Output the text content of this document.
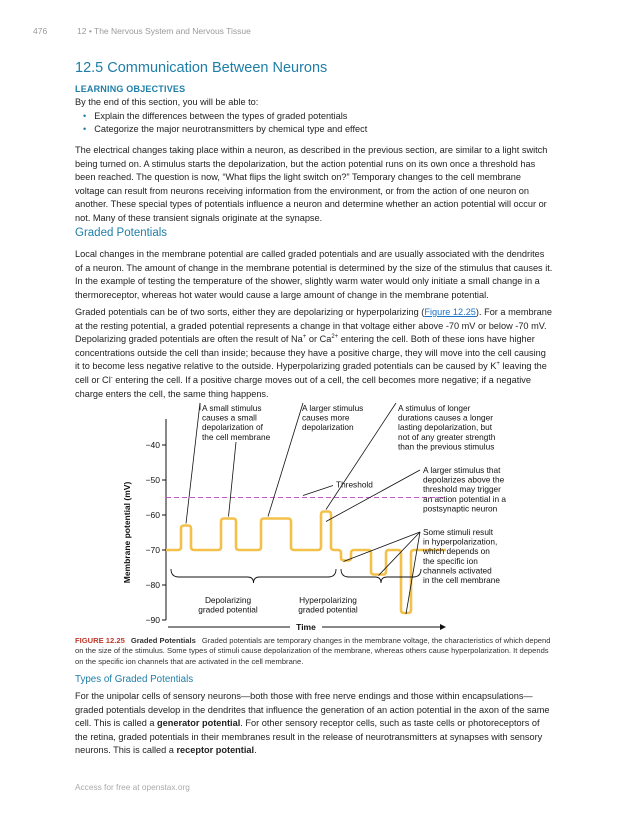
476	12 • The Nervous System and Nervous Tissue
12.5 Communication Between Neurons
LEARNING OBJECTIVES
By the end of this section, you will be able to:
• Explain the differences between the types of graded potentials
• Categorize the major neurotransmitters by chemical type and effect

The electrical changes taking place within a neuron, as described in the previous section, are similar to a light switch being turned on. A stimulus starts the depolarization, but the action potential runs on its own once a threshold has been reached. The question is now, “What flips the light switch on?” Temporary changes to the cell membrane voltage can result from neurons receiving information from the environment, or from the action of one neuron on another. These special types of potentials influence a neuron and determine whether an action potential will occur or not. Many of these transient signals originate at the synapse.

Graded Potentials

Local changes in the membrane potential are called graded potentials and are usually associated with the dendrites of a neuron. The amount of change in the membrane potential is determined by the size of the stimulus that causes it. In the example of testing the temperature of the shower, slightly warm water would only initiate a small change in a thermoreceptor, whereas hot water would cause a large amount of change in the membrane potential.

Graded potentials can be of two sorts, either they are depolarizing or hyperpolarizing (Figure 12.25). For a membrane at the resting potential, a graded potential represents a change in that voltage either above -70 mV or below -70 mV. Depolarizing graded potentials are often the result of Na+ or $Ca^{2+}$ entering the cell. Both of these ions have higher concentrations outside the cell than inside; because they have a positive charge, they will move into the cell causing it to become less negative relative to the outside. Hyperpolarizing graded potentials can be caused by K+ leaving the cell or Cl- entering the cell. If a positive charge moves out of a cell, the cell becomes more negative; if a negative charge enters the cell, the same thing happens.

−40
−50
−60
−70
−80
−90
Membrane potential (mV)
Time
A small stimulus causes a small depolarization of the cell membrane
A larger stimulus causes more depolarization
A stimulus of longer durations causes a longer lasting depolarization, but not of any greater strength than the previous stimulus
A larger stimulus that depolarizes above the threshold may trigger an action potential in a postsynaptic neuron
Some stimuli result in hyperpolarization, which depends on the specific ion channels activated in the cell membrane
Depolarizing graded potential
Hyperpolarizing graded potential
Threshold
FIGURE 12.25 Graded Potentials Graded potentials are temporary changes in the membrane voltage, the characteristics of which depend on the size of the stimulus. Some types of stimuli cause depolarization of the membrane, whereas others cause hyperpolarization. It depends on the specific ion channels that are activated in the cell membrane.
Types of Graded Potentials

For the unipolar cells of sensory neurons—both those with free nerve endings and those within encapsulations—graded potentials develop in the dendrites that influence the generation of an action potential in the axon of the same cell. This is called a generator potential. For other sensory receptor cells, such as taste cells or photoreceptors of the retina, graded potentials in their membranes result in the release of neurotransmitters at synapses with sensory neurons. This is called a receptor potential.

Access for free at openstax.org
